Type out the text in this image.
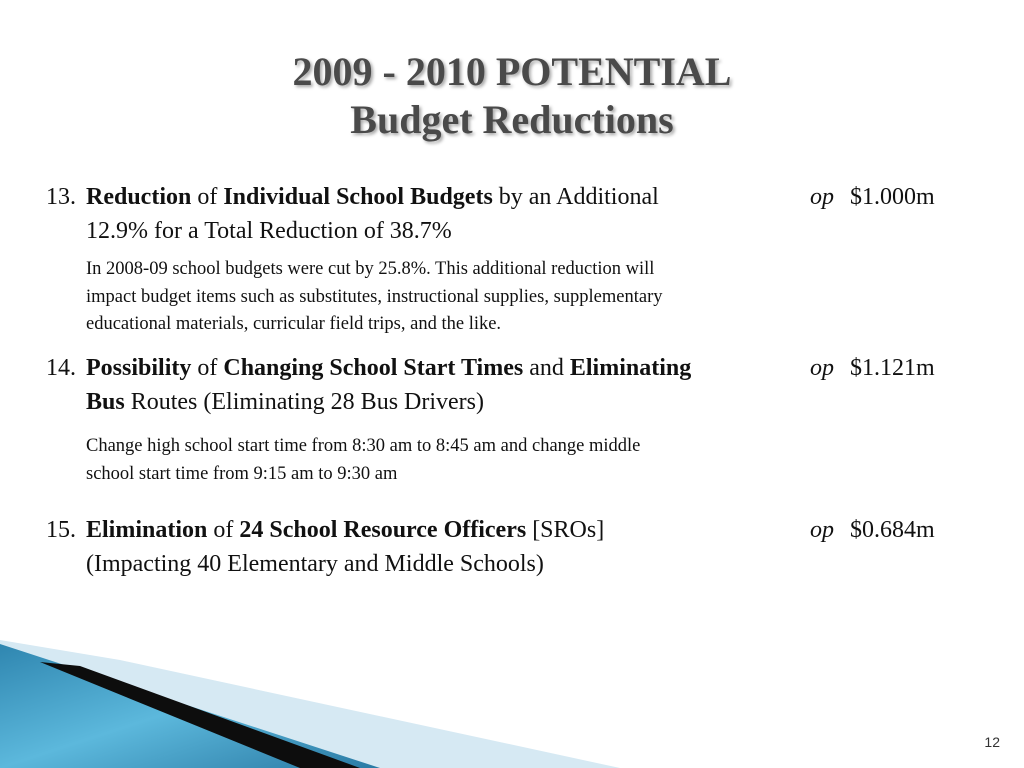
2009 - 2010 POTENTIAL
Budget Reductions
13. Reduction of Individual School Budgets by an Additional
12.9% for a Total Reduction of 38.7%
op $1.000m
In 2008-09 school budgets were cut by 25.8%. This additional reduction will
impact budget items such as substitutes, instructional supplies, supplementary
educational materials, curricular field trips, and the like.
14. Possibility of Changing School Start Times and Eliminating
Bus Routes (Eliminating 28 Bus Drivers)
op $1.121m
Change high school start time from 8:30 am to 8:45 am and change middle
school start time from 9:15 am to 9:30 am
15. Elimination of 24 School Resource Officers [SROs]
(Impacting 40 Elementary and Middle Schools)
op $0.684m
12
